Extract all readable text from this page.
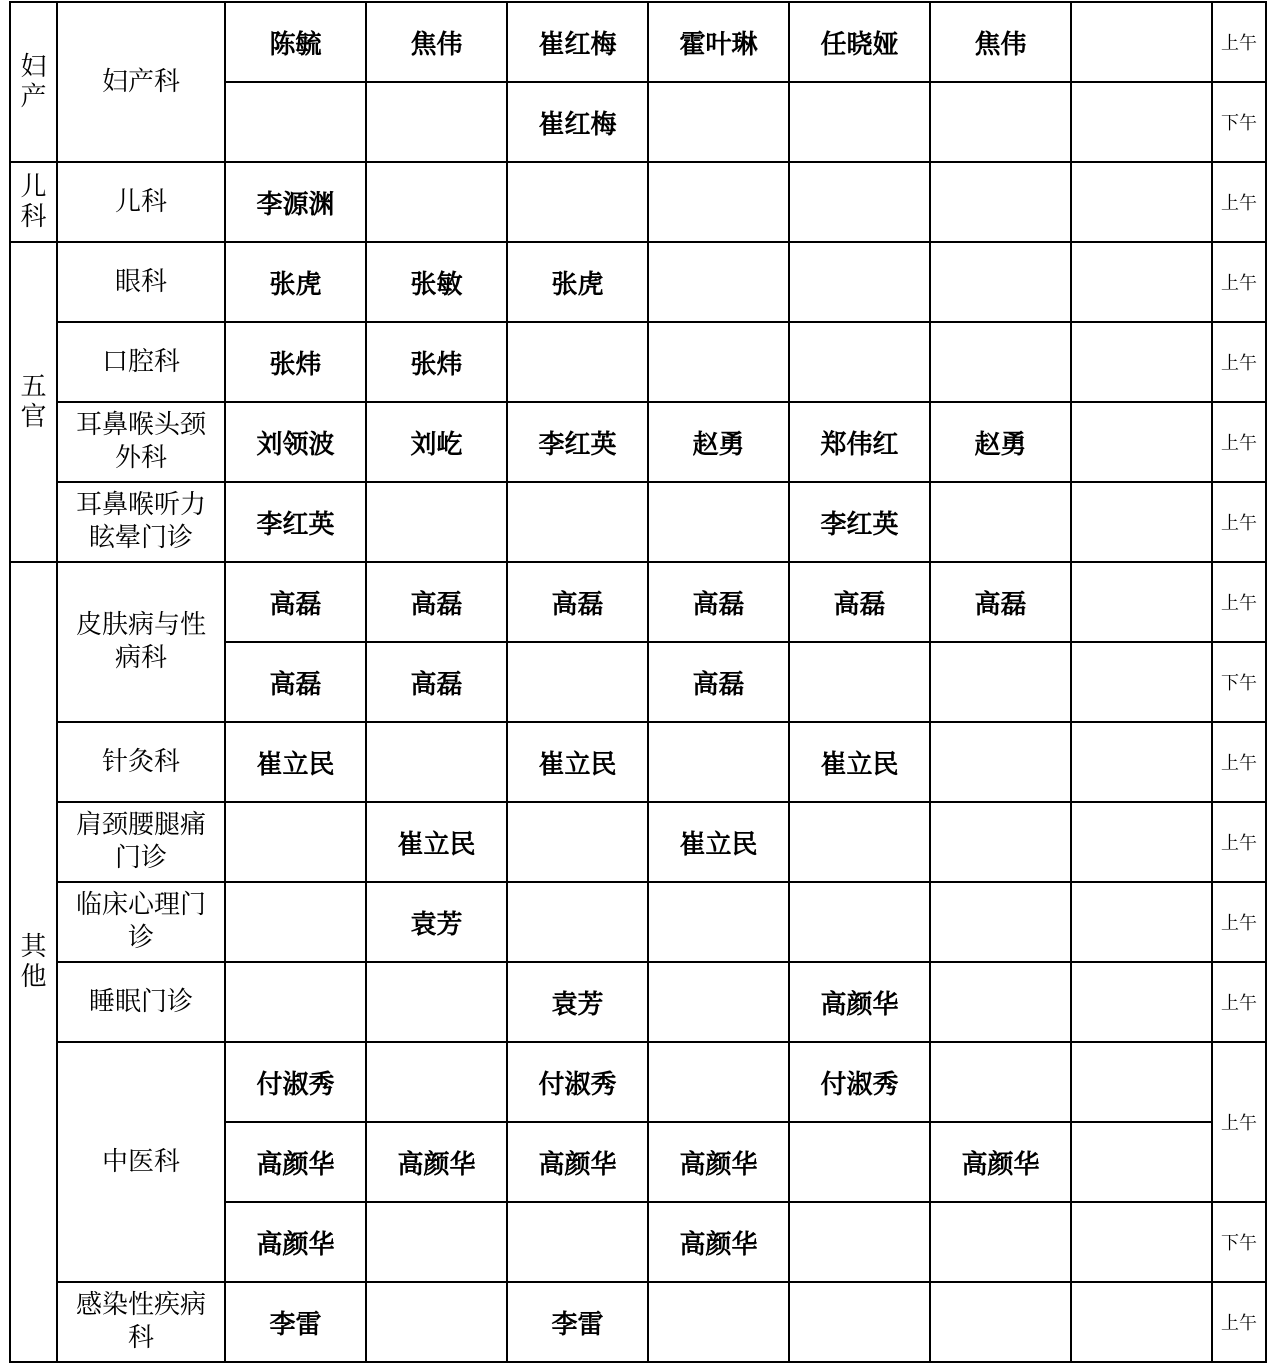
妇产	妇产科	陈毓	焦伟	崔红梅	霍叶琳	任晓娅	焦伟		上午
				崔红梅					下午

儿科	儿科	李源渊							上午

五官	眼科	张虎	张敏	张虎					上午

	口腔科	张炜	张炜						上午

	耳鼻喉头颈外科	刘领波	刘屹	李红英	赵勇	郑伟红	赵勇		上午

	耳鼻喉听力眩晕门诊	李红英				李红英			上午

其他	皮肤病与性病科	高磊	高磊	高磊	高磊	高磊	高磊		上午
		高磊	高磊		高磊				下午

	针灸科	崔立民		崔立民		崔立民			上午

	肩颈腰腿痛门诊		崔立民		崔立民				上午

	临床心理门诊		袁芳						上午

	睡眠门诊			袁芳		高颜华			上午

	中医科	付淑秀		付淑秀		付淑秀			上午
		高颜华	高颜华	高颜华	高颜华		高颜华		
		高颜华			高颜华				下午

	感染性疾病科	李雷		李雷					上午
